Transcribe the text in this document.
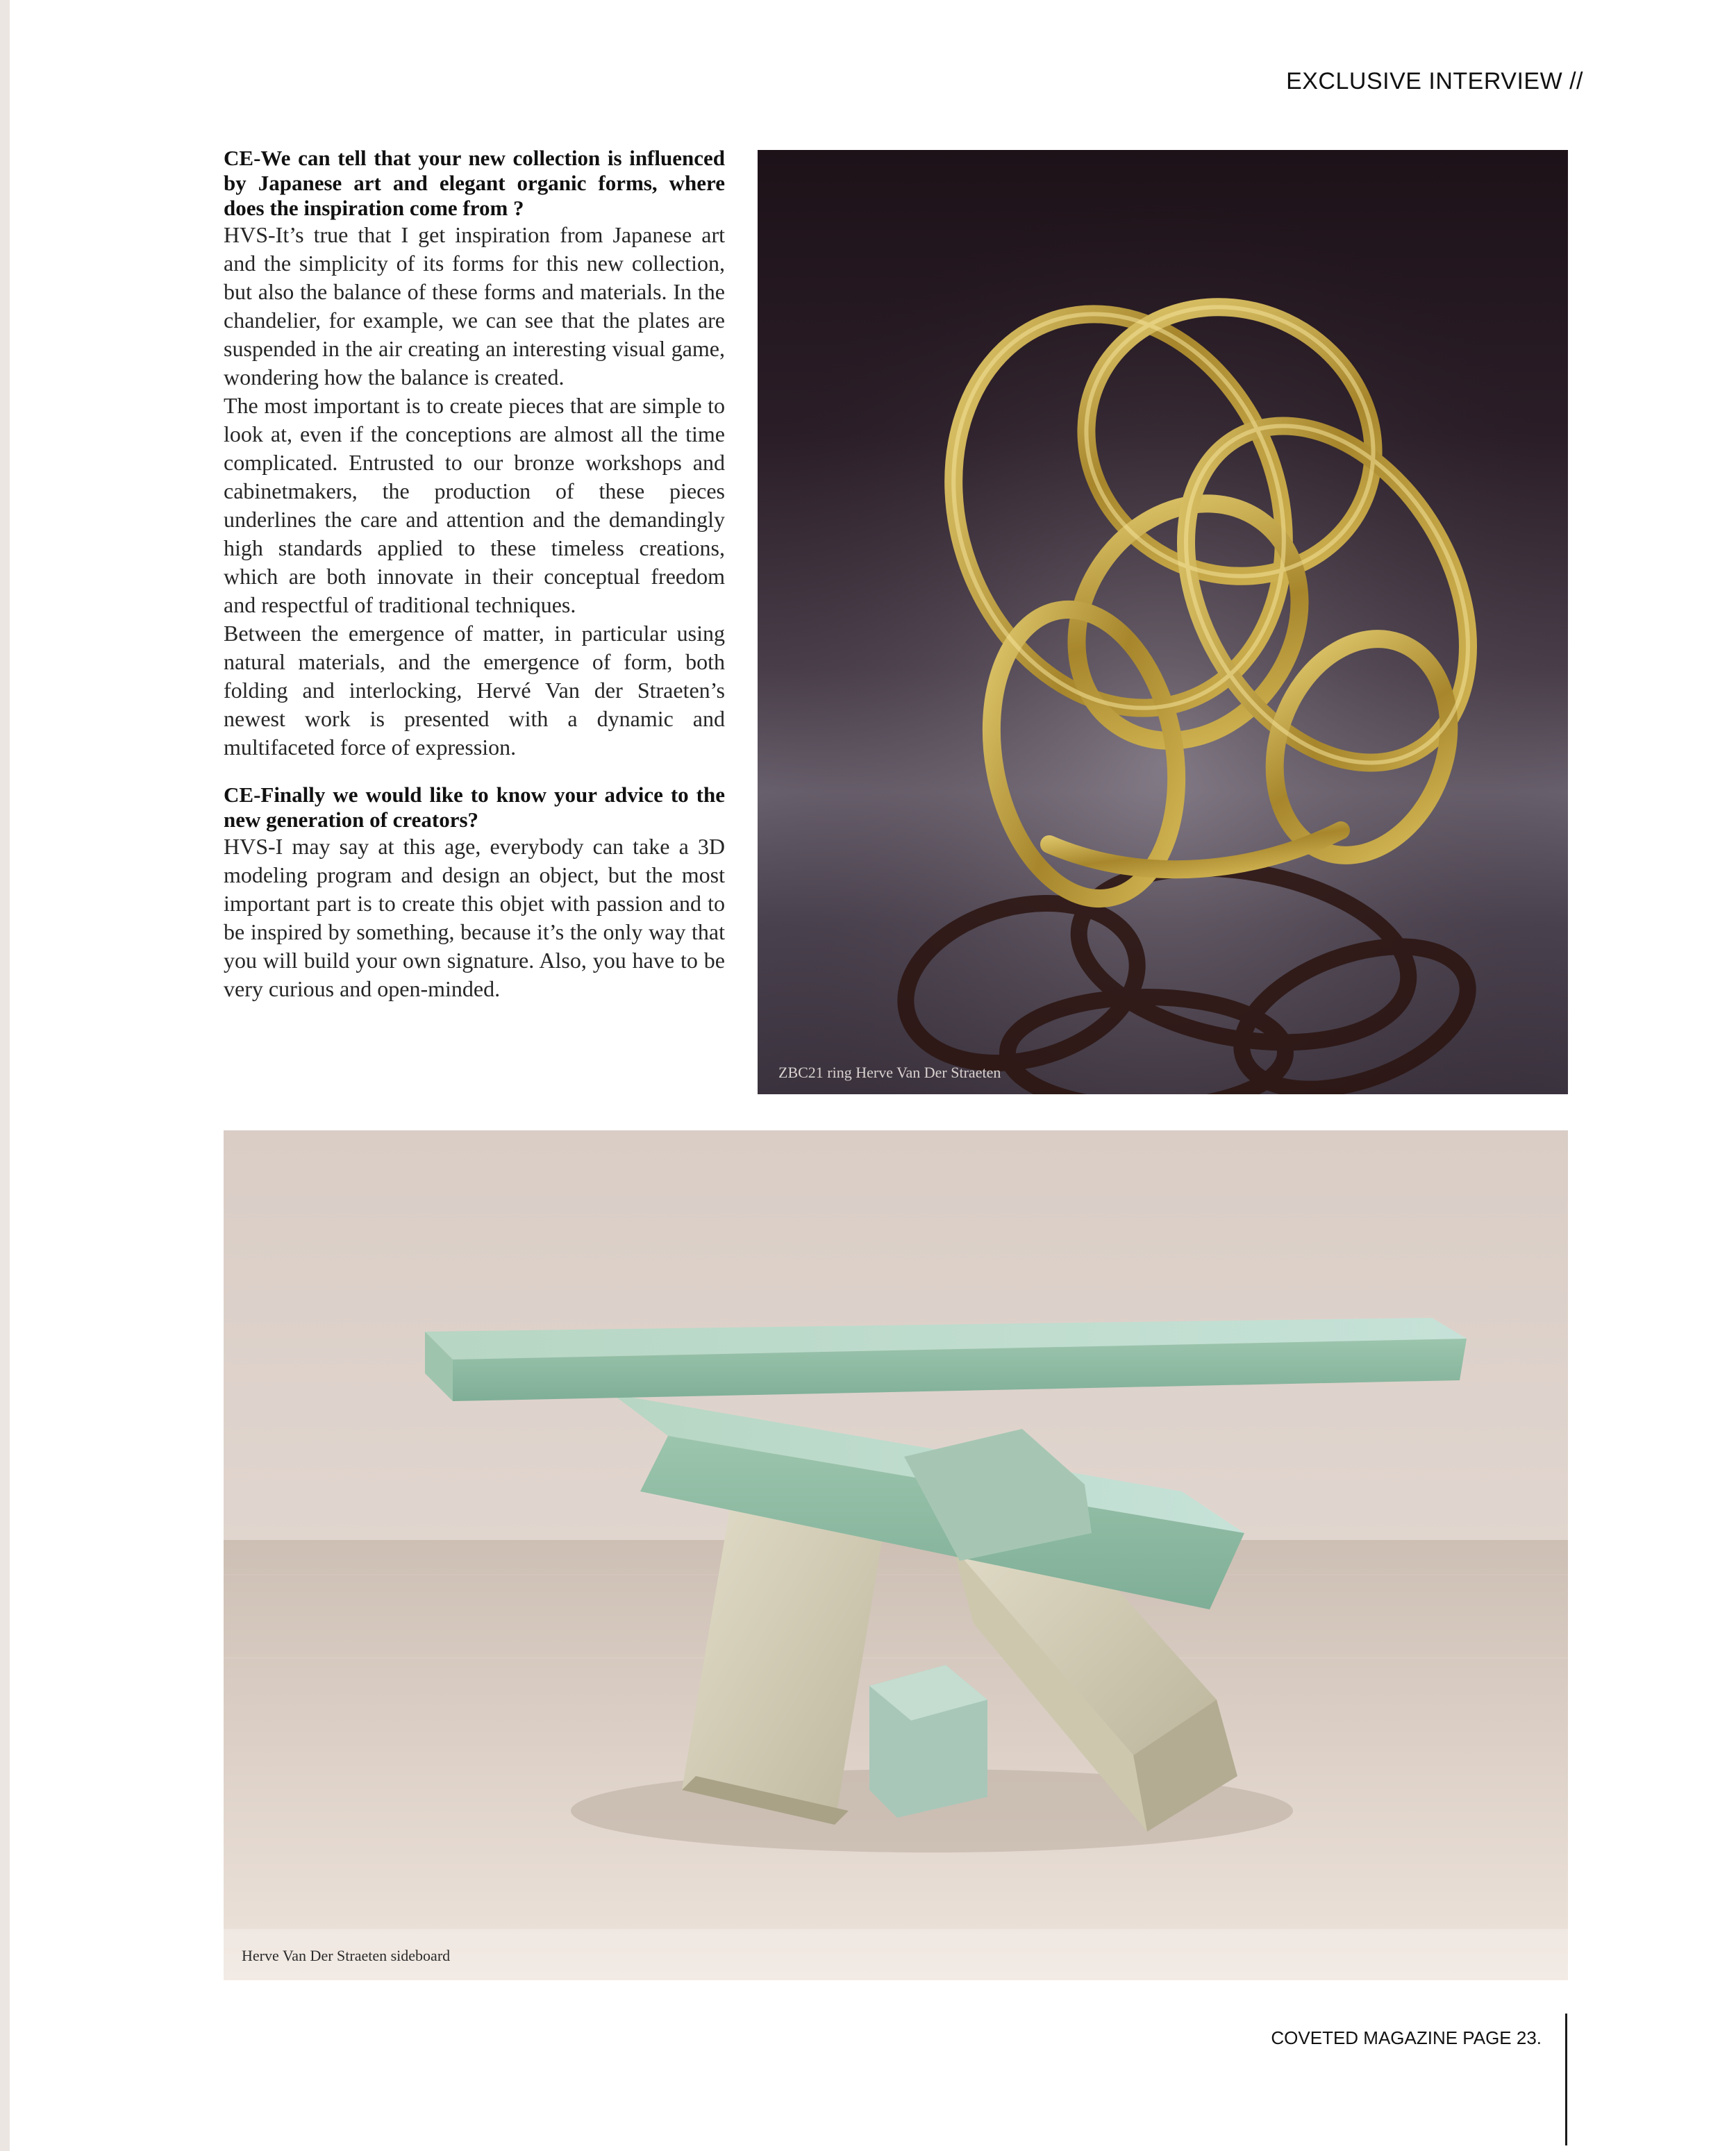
EXCLUSIVE INTERVIEW //

CE-We can tell that your new collection is influenced by Japanese art and elegant organic forms, where does the inspiration come from ?

HVS-It’s true that I get inspiration from Japanese art and the simplicity of its forms for this new collection, but also the balance of these forms and materials. In the chandelier, for example, we can see that the plates are suspended in the air creating an interesting visual game, wondering how the balance is created.

The most important is to create pieces that are simple to look at, even if the conceptions are almost all the time complicated. Entrusted to our bronze workshops and cabinetmakers, the production of these pieces underlines the care and attention and the demandingly high standards applied to these timeless creations, which are both innovate in their conceptual freedom and respectful of traditional techniques.

Between the emergence of matter, in particular using natural materials, and the emergence of form, both folding and interlocking, Hervé Van der Straeten’s newest work is presented with a dynamic and multifaceted force of expression.

CE-Finally we would like to know your advice to the new generation of creators?

HVS-I may say at this age, everybody can take a 3D modeling program and design an object, but the most important part is to create this objet with passion and to be inspired by something, because it’s the only way that you will build your own signature. Also, you have to be very curious and open-minded.

ZBC21 ring Herve Van Der Straeten
Herve Van Der Straeten sideboard
COVETED MAGAZINE PAGE 23.
